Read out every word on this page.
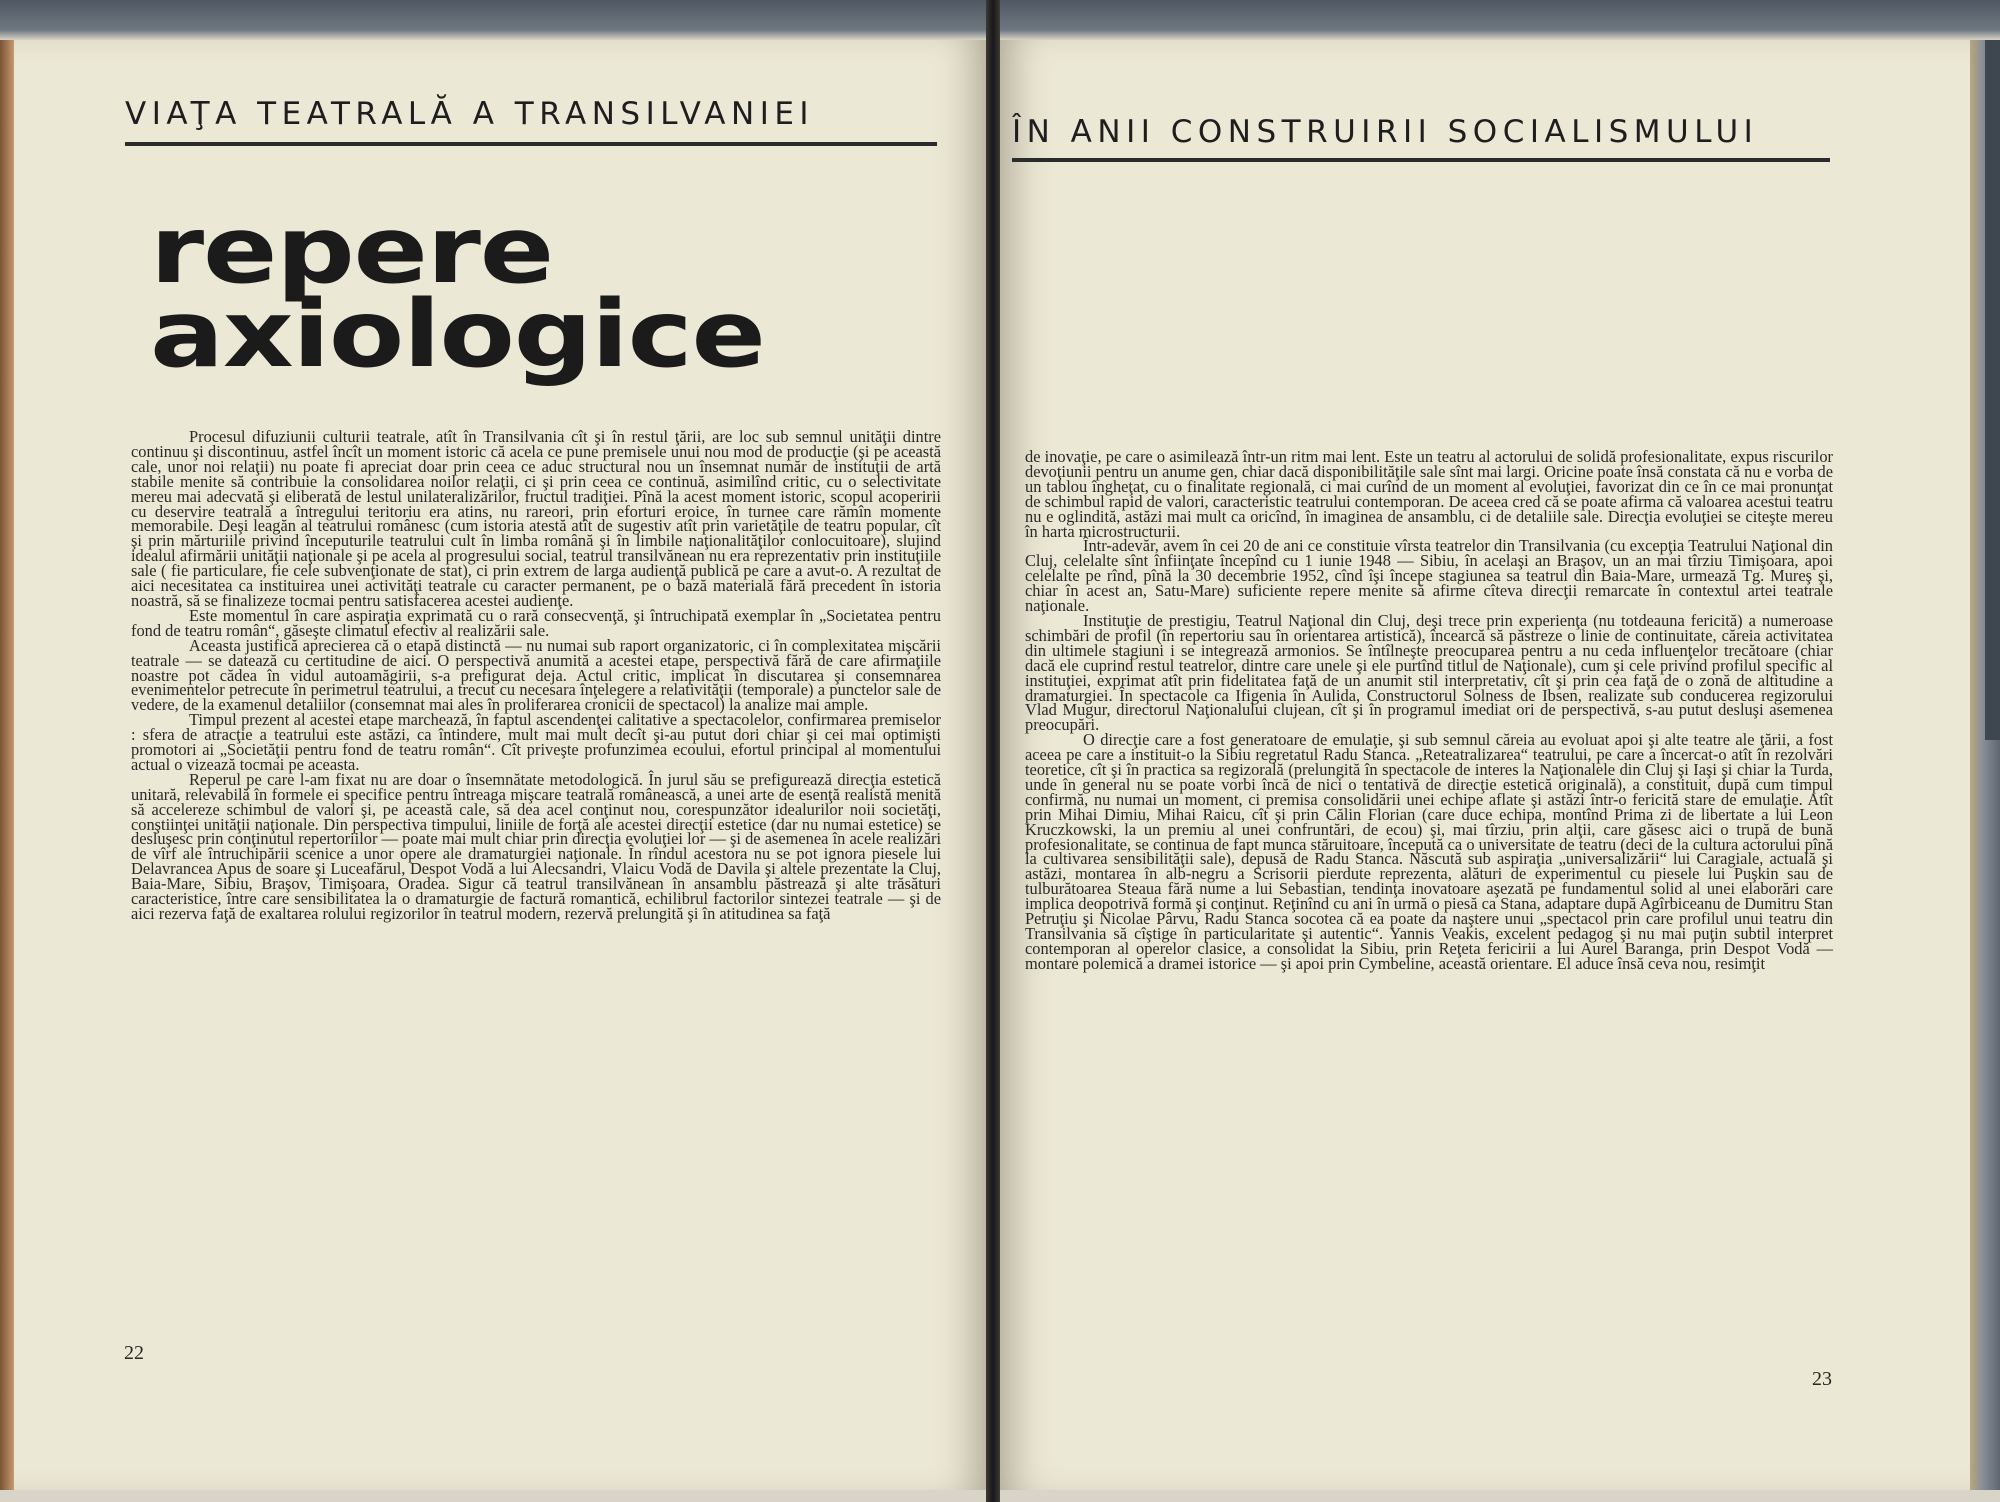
VIAŢA TEATRALĂ A TRANSILVANIEI	ÎN ANII CONSTRUIRII SOCIALISMULUI
repere
axiologice

Procesul difuziunii culturii teatrale, atît în Transilvania cît şi în restul ţării, are loc sub semnul unităţii dintre continuu şi discontinuu, astfel încît un moment istoric că acela ce pune premisele unui nou mod de producţie (şi pe această cale, unor noi relaţii) nu poate fi apreciat doar prin ceea ce aduc structural nou un însemnat număr de instituţii de artă stabile menite să contribuie la consolidarea noilor relaţii, ci şi prin ceea ce continuă, asimilînd critic, cu o selectivitate mereu mai adecvată şi eliberată de lestul unilateralizărilor, fructul tradiţiei. Pînă la acest moment istoric, scopul acoperirii cu deservire teatrală a întregului teritoriu era atins, nu rareori, prin eforturi eroice, în turnee care rămîn momente memorabile. Deşi leagăn al teatrului românesc (cum istoria atestă atît de sugestiv atît prin varietăţile de teatru popular, cît şi prin mărturiile privind începuturile teatrului cult în limba română şi în limbile naţionalităţilor conlocuitoare), slujind idealul afirmării unităţii naţionale şi pe acela al progresului social, teatrul transilvănean nu era reprezentativ prin instituţiile sale ( fie particulare, fie cele subvenţionate de stat), ci prin extrem de larga audienţă publică pe care a avut-o. A rezultat de aici necesitatea ca instituirea unei activităţi teatrale cu caracter permanent, pe o bază materială fără precedent în istoria noastră, să se finalizeze tocmai pentru satisfacerea acestei audienţe.

Este momentul în care aspiraţia exprimată cu o rară consecvenţă, şi întruchipată exemplar în „Societatea pentru fond de teatru român“, găseşte climatul efectiv al realizării sale.

Aceasta justifică aprecierea că o etapă distinctă — nu numai sub raport organizatoric, ci în complexitatea mişcării teatrale — se datează cu certitudine de aici. O perspectivă anumită a acestei etape, perspectivă fără de care afirmaţiile noastre pot cădea în vidul autoamăgirii, s-a prefigurat deja. Actul critic, implicat în discutarea şi consemnarea evenimentelor petrecute în perimetrul teatrului, a trecut cu necesara înţelegere a relativităţii (temporale) a punctelor sale de vedere, de la examenul detaliilor (consemnat mai ales în proliferarea cronicii de spectacol) la analize mai ample.

Timpul prezent al acestei etape marchează, în faptul ascendenţei calitative a spectacolelor, confirmarea premiselor : sfera de atracţie a teatrului este astăzi, ca întindere, mult mai mult decît şi-au putut dori chiar şi cei mai optimişti promotori ai „Societăţii pentru fond de teatru român“. Cît priveşte profunzimea ecoului, efortul principal al momentului actual o vizează tocmai pe aceasta.

Reperul pe care l-am fixat nu are doar o însemnătate metodologică. În jurul său se prefigurează direcţia estetică unitară, relevabilă în formele ei specifice pentru întreaga mişcare teatrală românească, a unei arte de esenţă realistă menită să accelereze schimbul de valori şi, pe această cale, să dea acel conţinut nou, corespunzător idealurilor noii societăţi, conştiinţei unităţii naţionale. Din perspectiva timpului, liniile de forţă ale acestei direcţii estetice (dar nu numai estetice) se desluşesc prin conţinutul repertoriilor — poate mai mult chiar prin direcţia evoluţiei lor — şi de asemenea în acele realizări de vîrf ale întruchipării scenice a unor opere ale dramaturgiei naţionale. În rîndul acestora nu se pot ignora piesele lui Delavrancea Apus de soare şi Luceafărul, Despot Vodă a lui Alecsandri, Vlaicu Vodă de Davila şi altele prezentate la Cluj, Baia-Mare, Sibiu, Braşov, Timişoara, Oradea. Sigur că teatrul transilvănean în ansamblu păstrează şi alte trăsături caracteristice, între care sensibilitatea la o dramaturgie de factură romantică, echilibrul factorilor sintezei teatrale — şi de aici rezerva faţă de exaltarea rolului regizorilor în teatrul modern, rezervă prelungită şi în atitudinea sa faţă

de inovaţie, pe care o asimilează într-un ritm mai lent. Este un teatru al actorului de solidă profesionalitate, expus riscurilor devoţiunii pentru un anume gen, chiar dacă disponibilităţile sale sînt mai largi. Oricine poate însă constata că nu e vorba de un tablou îngheţat, cu o finalitate regională, ci mai curînd de un moment al evoluţiei, favorizat din ce în ce mai pronunţat de schimbul rapid de valori, caracteristic teatrului contemporan. De aceea cred că se poate afirma că valoarea acestui teatru nu e oglindită, astăzi mai mult ca oricînd, în imaginea de ansamblu, ci de detaliile sale. Direcţia evoluţiei se citeşte mereu în harta microstructurii.

Într-adevăr, avem în cei 20 de ani ce constituie vîrsta teatrelor din Transilvania (cu excepţia Teatrului Naţional din Cluj, celelalte sînt înfiinţate începînd cu 1 iunie 1948 — Sibiu, în acelaşi an Braşov, un an mai tîrziu Timişoara, apoi celelalte pe rînd, pînă la 30 decembrie 1952, cînd îşi începe stagiunea sa teatrul din Baia-Mare, urmează Tg. Mureş şi, chiar în acest an, Satu-Mare) suficiente repere menite să afirme cîteva direcţii remarcate în contextul artei teatrale naţionale.

Instituţie de prestigiu, Teatrul Naţional din Cluj, deşi trece prin experienţa (nu totdeauna fericită) a numeroase schimbări de profil (în repertoriu sau în orientarea artistică), încearcă să păstreze o linie de continuitate, căreia activitatea din ultimele stagiuni i se integrează armonios. Se întîlneşte preocuparea pentru a nu ceda influenţelor trecătoare (chiar dacă ele cuprind restul teatrelor, dintre care unele şi ele purtînd titlul de Naţionale), cum şi cele privind profilul specific al instituţiei, exprimat atît prin fidelitatea faţă de un anumit stil interpretativ, cît şi prin cea faţă de o zonă de altitudine a dramaturgiei. În spectacole ca Ifigenia în Aulida, Constructorul Solness de Ibsen, realizate sub conducerea regizorului Vlad Mugur, directorul Naţionalului clujean, cît şi în programul imediat ori de perspectivă, s-au putut desluşi asemenea preocupări.

O direcţie care a fost generatoare de emulaţie, şi sub semnul căreia au evoluat apoi şi alte teatre ale ţării, a fost aceea pe care a instituit-o la Sibiu regretatul Radu Stanca. „Reteatralizarea“ teatrului, pe care a încercat-o atît în rezolvări teoretice, cît şi în practica sa regizorală (prelungită în spectacole de interes la Naţionalele din Cluj şi Iaşi şi chiar la Turda, unde în general nu se poate vorbi încă de nici o tentativă de direcţie estetică originală), a constituit, după cum timpul confirmă, nu numai un moment, ci premisa consolidării unei echipe aflate şi astăzi într-o fericită stare de emulaţie. Atît prin Mihai Dimiu, Mihai Raicu, cît şi prin Călin Florian (care duce echipa, montînd Prima zi de libertate a lui Leon Kruczkowski, la un premiu al unei confruntări, de ecou) şi, mai tîrziu, prin alţii, care găsesc aici o trupă de bună profesionalitate, se continua de fapt munca stăruitoare, începută ca o universitate de teatru (deci de la cultura actorului pînă la cultivarea sensibilităţii sale), depusă de Radu Stanca. Născută sub aspiraţia „universalizării“ lui Caragiale, actuală şi astăzi, montarea în alb-negru a Scrisorii pierdute reprezenta, alături de experimentul cu piesele lui Puşkin sau de tulburătoarea Steaua fără nume a lui Sebastian, tendinţa inovatoare aşezată pe fundamentul solid al unei elaborări care implica deopotrivă formă şi conţinut. Reţinînd cu ani în urmă o piesă ca Stana, adaptare după Agîrbiceanu de Dumitru Stan Petruţiu şi Nicolae Pârvu, Radu Stanca socotea că ea poate da naştere unui „spectacol prin care profilul unui teatru din Transilvania să cîştige în particularitate şi autentic“. Yannis Veakis, excelent pedagog şi nu mai puţin subtil interpret contemporan al operelor clasice, a consolidat la Sibiu, prin Reţeta fericirii a lui Aurel Baranga, prin Despot Vodă — montare polemică a dramei istorice — şi apoi prin Cymbeline, această orientare. El aduce însă ceva nou, resimţit

22
23
